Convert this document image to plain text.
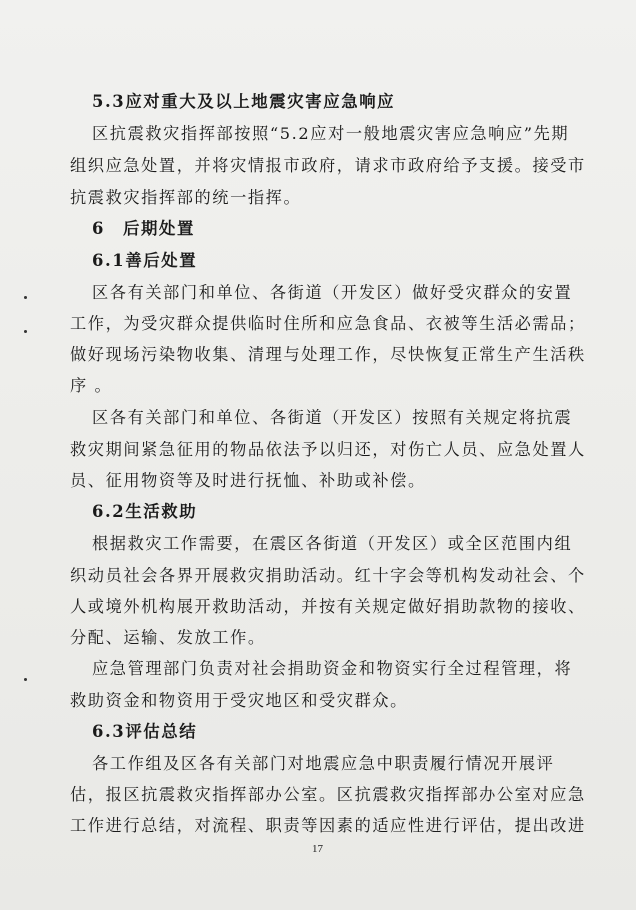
5.3应对重大及以上地震灾害应急响应
区抗震救灾指挥部按照“5.2应对一般地震灾害应急响应”先期
组织应急处置，并将灾情报市政府，请求市政府给予支援。接受市
抗震救灾指挥部的统一指挥。
6　后期处置
6.1善后处置
区各有关部门和单位、各街道（开发区）做好受灾群众的安置
工作，为受灾群众提供临时住所和应急食品、衣被等生活必需品；
做好现场污染物收集、清理与处理工作，尽快恢复正常生产生活秩
序 。
区各有关部门和单位、各街道（开发区）按照有关规定将抗震
救灾期间紧急征用的物品依法予以归还，对伤亡人员、应急处置人
员、征用物资等及时进行抚恤、补助或补偿。
6.2生活救助
根据救灾工作需要，在震区各街道（开发区）或全区范围内组
织动员社会各界开展救灾捐助活动。红十字会等机构发动社会、个
人或境外机构展开救助活动，并按有关规定做好捐助款物的接收、
分配、运输、发放工作。
应急管理部门负责对社会捐助资金和物资实行全过程管理，将
救助资金和物资用于受灾地区和受灾群众。
6.3评估总结
各工作组及区各有关部门对地震应急中职责履行情况开展评
估，报区抗震救灾指挥部办公室。区抗震救灾指挥部办公室对应急
工作进行总结，对流程、职责等因素的适应性进行评估，提出改进
17
